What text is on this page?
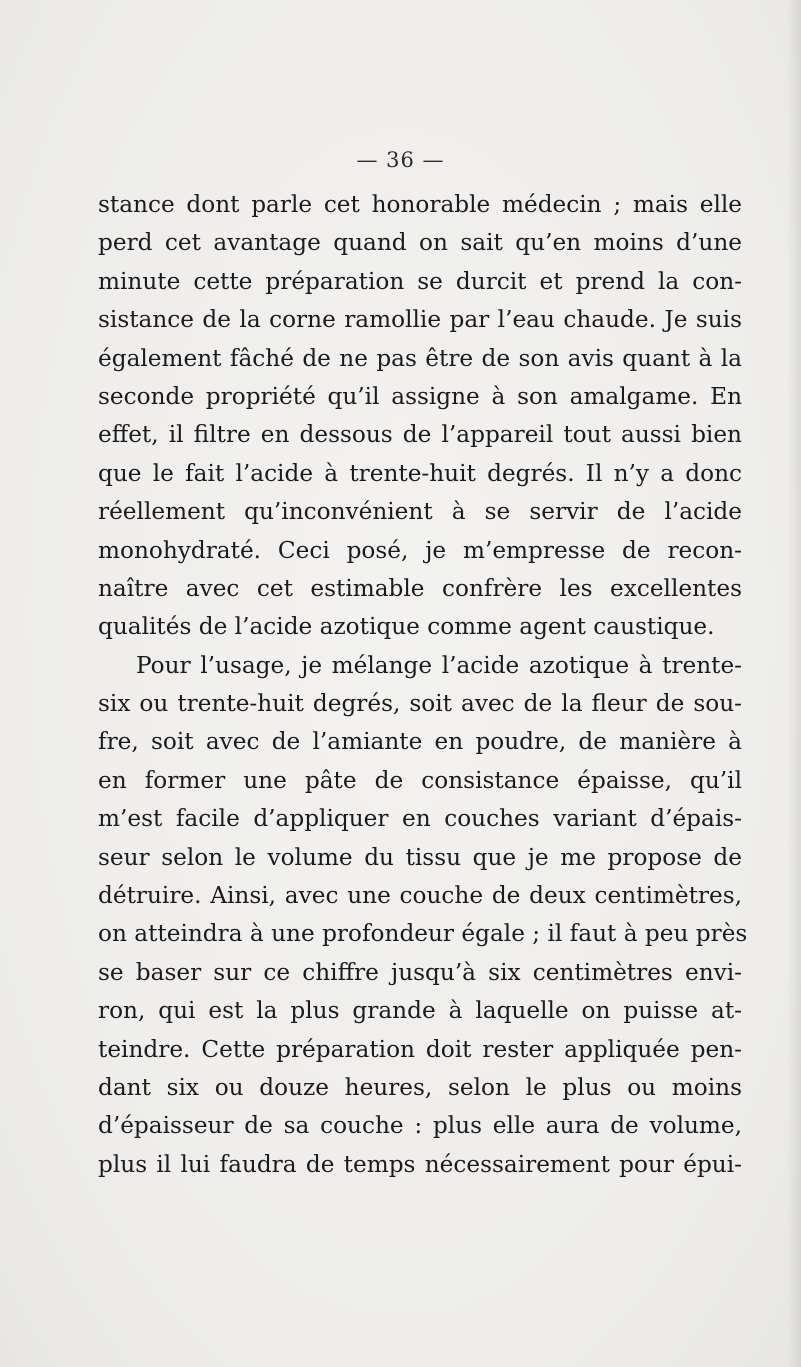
— 36 —
stance dont parle cet honorable médecin ; mais elle
perd cet avantage quand on sait qu’en moins d’une
minute cette préparation se durcit et prend la con-
sistance de la corne ramollie par l’eau chaude. Je suis
également fâché de ne pas être de son avis quant à la
seconde propriété qu’il assigne à son amalgame. En
effet, il filtre en dessous de l’appareil tout aussi bien
que le fait l’acide à trente-huit degrés. Il n’y a donc
réellement qu’inconvénient à se servir de l’acide
monohydraté. Ceci posé, je m’empresse de recon-
naître avec cet estimable confrère les excellentes
qualités de l’acide azotique comme agent caustique.
Pour l’usage, je mélange l’acide azotique à trente-
six ou trente-huit degrés, soit avec de la fleur de sou-
fre, soit avec de l’amiante en poudre, de manière à
en former une pâte de consistance épaisse, qu’il
m’est facile d’appliquer en couches variant d’épais-
seur selon le volume du tissu que je me propose de
détruire. Ainsi, avec une couche de deux centimètres,
on atteindra à une profondeur égale ; il faut à peu près
se baser sur ce chiffre jusqu’à six centimètres envi-
ron, qui est la plus grande à laquelle on puisse at-
teindre. Cette préparation doit rester appliquée pen-
dant six ou douze heures, selon le plus ou moins
d’épaisseur de sa couche : plus elle aura de volume,
plus il lui faudra de temps nécessairement pour épui-
